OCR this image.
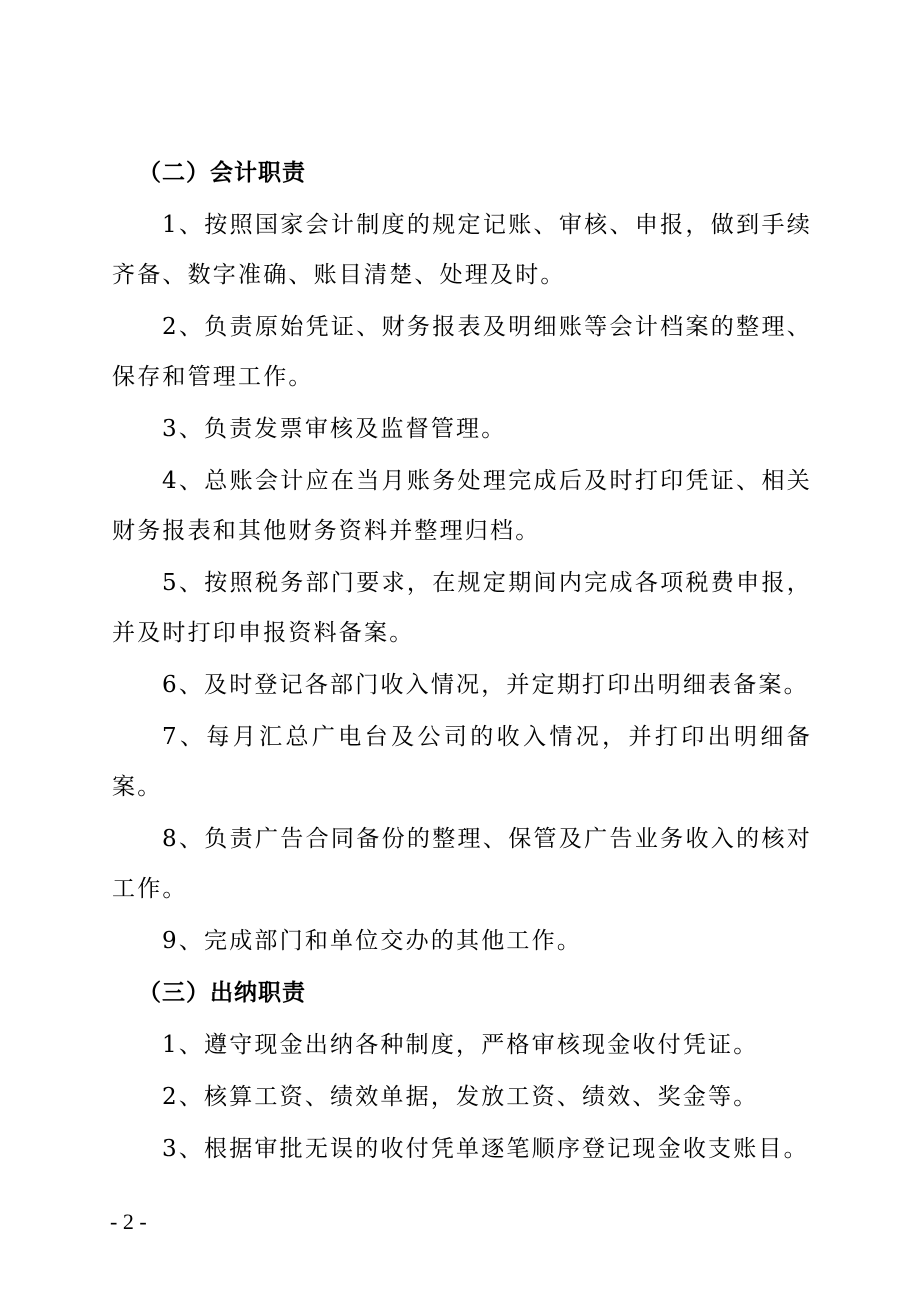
（二）会计职责

1、按照国家会计制度的规定记账、审核、申报，做到手续齐备、数字准确、账目清楚、处理及时。

2、负责原始凭证、财务报表及明细账等会计档案的整理、保存和管理工作。

3、负责发票审核及监督管理。

4、总账会计应在当月账务处理完成后及时打印凭证、相关财务报表和其他财务资料并整理归档。

5、按照税务部门要求，在规定期间内完成各项税费申报，并及时打印申报资料备案。

6、及时登记各部门收入情况，并定期打印出明细表备案。

7、每月汇总广电台及公司的收入情况，并打印出明细备案。

8、负责广告合同备份的整理、保管及广告业务收入的核对工作。

9、完成部门和单位交办的其他工作。

（三）出纳职责

1、遵守现金出纳各种制度，严格审核现金收付凭证。

2、核算工资、绩效单据，发放工资、绩效、奖金等。

3、根据审批无误的收付凭单逐笔顺序登记现金收支账目。

- 2 -
